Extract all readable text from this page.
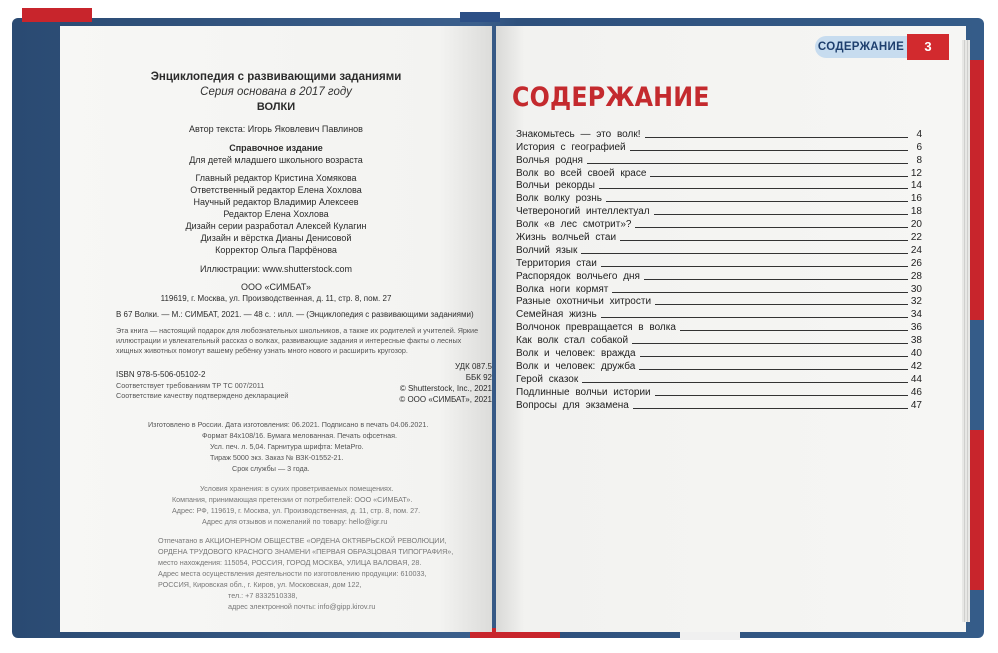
Энциклопедия с развивающими заданиями
Серия основана в 2017 году
ВОЛКИ
Автор текста: Игорь Яковлевич Павлинов
Справочное издание
Для детей младшего школьного возраста
Главный редактор Кристина Хомякова
Ответственный редактор Елена Хохлова
Научный редактор Владимир Алексеев
Редактор Елена Хохлова
Дизайн серии разработал Алексей Кулагин
Дизайн и вёрстка Дианы Денисовой
Корректор Ольга Парфёнова
Иллюстрации: www.shutterstock.com
ООО «СИМБАТ»
119619, г. Москва, ул. Производственная, д. 11, стр. 8, пом. 27
В 67 Волки. — М.: СИМБАТ, 2021. — 48 с. : илл. — (Энциклопедия с развивающими заданиями)
Эта книга — настоящий подарок для любознательных школьников, а также их родителей и учителей. Яркие
иллюстрации и увлекательный рассказ о волках, развивающие задания и интересные факты о лесных
хищных животных помогут вашему ребёнку узнать много нового и расширить кругозор.
ISBN 978-5-506-05102-2
Соответствует требованиям ТР ТС 007/2011
Соответствие качеству подтверждено декларацией
УДК 087.5
ББК 92
© Shutterstock, Inc., 2021
© ООО «СИМБАТ», 2021
Изготовлено в России. Дата изготовления: 06.2021. Подписано в печать 04.06.2021.
Формат 84х108/16. Бумага мелованная. Печать офсетная.
Усл. печ. л. 5,04. Гарнитура шрифта: MetaPro.
Тираж 5000 экз. Заказ № ВЗК-01552-21.
Срок службы — 3 года.
Условия хранения: в сухих проветриваемых помещениях.
Компания, принимающая претензии от потребителей: ООО «СИМБАТ».
Адрес: РФ, 119619, г. Москва, ул. Производственная, д. 11, стр. 8, пом. 27.
Адрес для отзывов и пожеланий по товару: hello@igr.ru
Отпечатано в АКЦИОНЕРНОМ ОБЩЕСТВЕ «ОРДЕНА ОКТЯБРЬСКОЙ РЕВОЛЮЦИИ,
ОРДЕНА ТРУДОВОГО КРАСНОГО ЗНАМЕНИ «ПЕРВАЯ ОБРАЗЦОВАЯ ТИПОГРАФИЯ»,
место нахождения: 115054, РОССИЯ, ГОРОД МОСКВА, УЛИЦА ВАЛОВАЯ, 28.
Адрес места осуществления деятельности по изготовлению продукции: 610033,
РОССИЯ, Кировская обл., г. Киров, ул. Московская, дом 122,
тел.: +7 8332510338,
адрес электронной почты: info@gipp.kirov.ru
СОДЕРЖАНИЕ	3
СОДЕРЖАНИЕ
Знакомьтесь — это волк!	4
История с географией	6
Волчья родня	8
Волк во всей своей красе	12
Волчьи рекорды	14
Волк волку рознь	16
Четвероногий интеллектуал	18
Волк «в лес смотрит»?	20
Жизнь волчьей стаи	22
Волчий язык	24
Территория стаи	26
Распорядок волчьего дня	28
Волка ноги кормят	30
Разные охотничьи хитрости	32
Семейная жизнь	34
Волчонок превращается в волка	36
Как волк стал собакой	38
Волк и человек: вражда	40
Волк и человек: дружба	42
Герой сказок	44
Подлинные волчьи истории	46
Вопросы для экзамена	47
